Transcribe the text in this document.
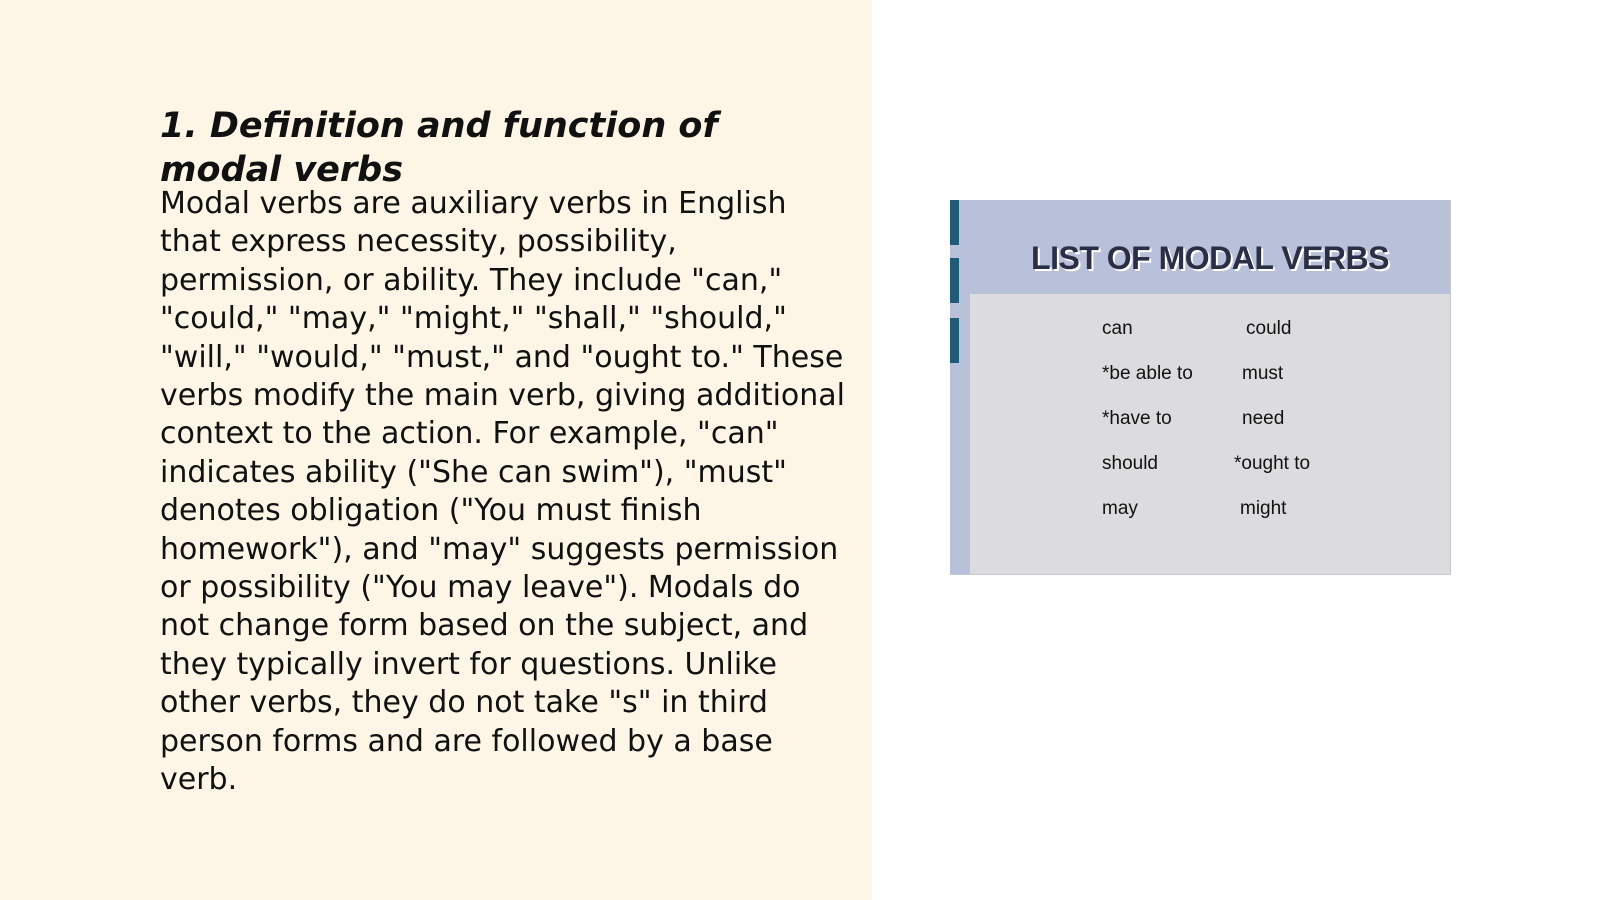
1. Definition and function of modal verbs

Modal verbs are auxiliary verbs in English that express necessity, possibility, permission, or ability. They include "can," "could," "may," "might," "shall," "should," "will," "would," "must," and "ought to." These verbs modify the main verb, giving additional context to the action. For example, "can" indicates ability ("She can swim"), "must" denotes obligation ("You must finish homework"), and "may" suggests permission or possibility ("You may leave"). Modals do not change form based on the subject, and they typically invert for questions. Unlike other verbs, they do not take "s" in third person forms and are followed by a base verb.

LIST OF MODAL VERBS

can	could
*be able to	must
*have to	need
should	*ought to
may	might
